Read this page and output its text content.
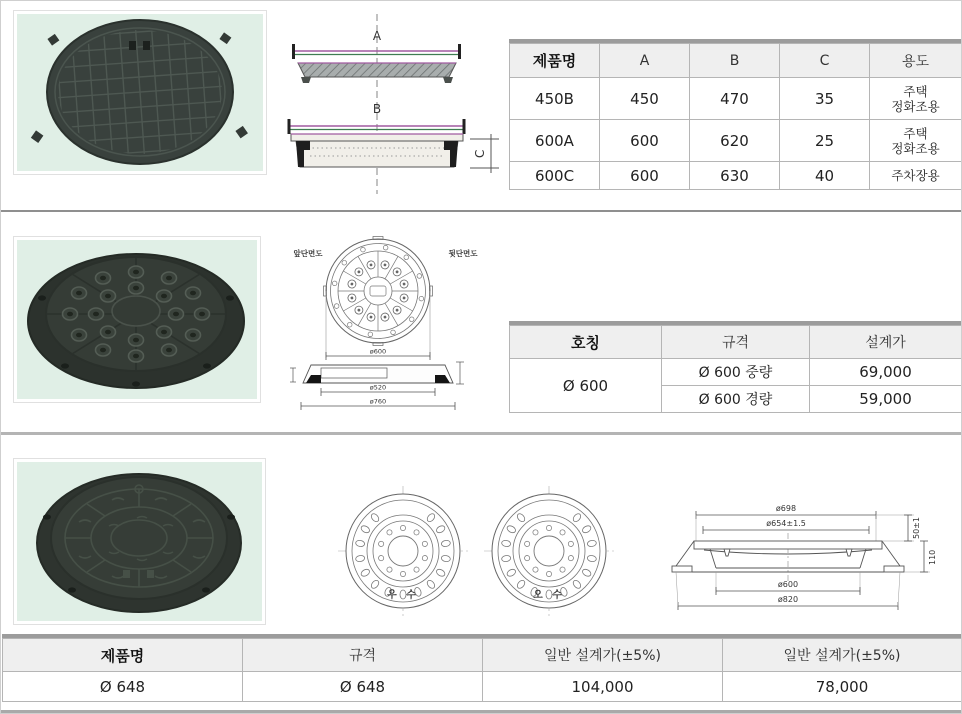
A
B
C
제품명	A	B	C	용도
450B	450	470	35	주택
정화조용

600A	600	620	25	주택
정화조용

600C	600	630	40	주차장용
앞단면도	뒷단면도
ø600
ø520
ø760
호칭	규격	설계가
Ø 600	Ø 600 중량	69,000
	Ø 600 경량	59,000
우 수	오 수
ø698
ø654±1.5
ø600
ø820
50±1
110
제품명	규격	일반 설계가(±5%)	일반 설계가(±5%)
Ø 648	Ø 648	104,000	78,000
